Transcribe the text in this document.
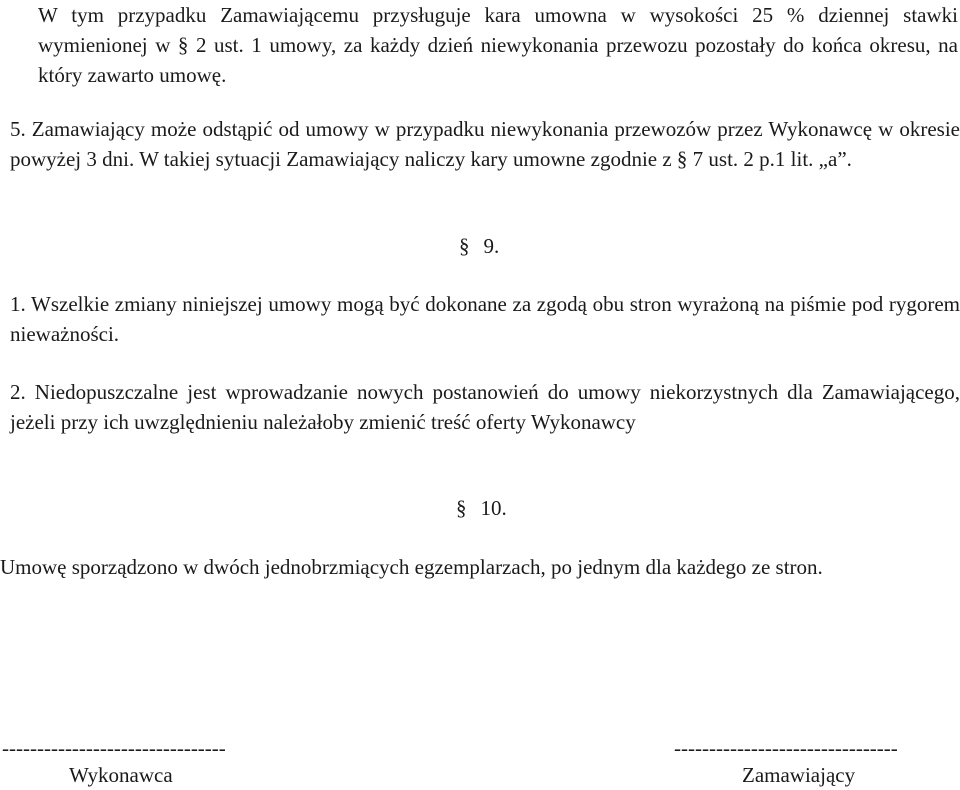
W tym przypadku Zamawiającemu przysługuje kara umowna w wysokości 25 % dziennej stawki wymienionej w § 2 ust. 1 umowy, za każdy dzień niewykonania przewozu pozostały do końca okresu, na który zawarto umowę.

5. Zamawiający może odstąpić od umowy w przypadku niewykonania przewozów przez Wykonawcę w okresie powyżej 3 dni. W takiej sytuacji Zamawiający naliczy kary umowne zgodnie z § 7 ust. 2 p.1 lit. „a”.

§ 9.

1. Wszelkie zmiany niniejszej umowy mogą być dokonane za zgodą obu stron wyrażoną na piśmie pod rygorem nieważności.

2. Niedopuszczalne jest wprowadzanie nowych postanowień do umowy niekorzystnych dla Zamawiającego, jeżeli przy ich uwzględnieniu należałoby zmienić treść oferty Wykonawcy

§ 10.

Umowę sporządzono w dwóch jednobrzmiących egzemplarzach, po jednym dla każdego ze stron.

--------------------------------

Wykonawca

--------------------------------

Zamawiający
